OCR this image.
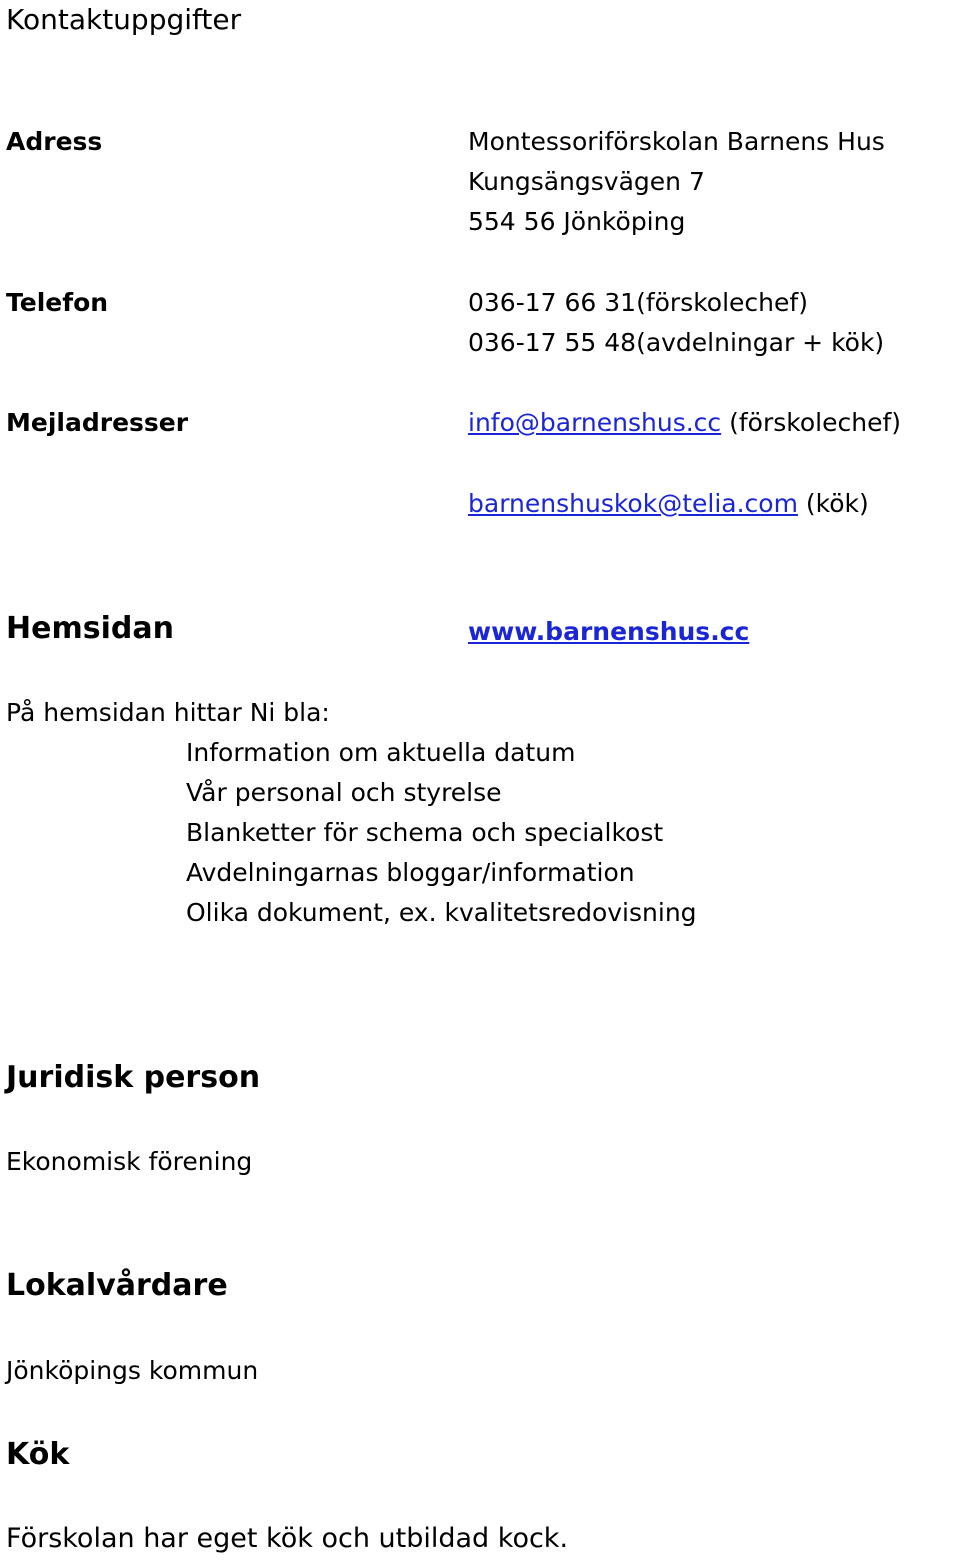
Kontaktuppgifter
Adress	Montessoriförskolan Barnens Hus
Kungsängsvägen 7
554 56 Jönköping
Telefon	036-17 66 31(förskolechef)
036-17 55 48(avdelningar + kök)
Mejladresser	info@barnenshus.cc (förskolechef)
barnenshuskok@telia.com (kök)
Hemsidan	www.barnenshus.cc
På hemsidan hittar Ni bla:
Information om aktuella datum
Vår personal och styrelse
Blanketter för schema och specialkost
Avdelningarnas bloggar/information
Olika dokument, ex. kvalitetsredovisning
Juridisk person
Ekonomisk förening
Lokalvårdare
Jönköpings kommun
Kök
Förskolan har eget kök och utbildad kock.
